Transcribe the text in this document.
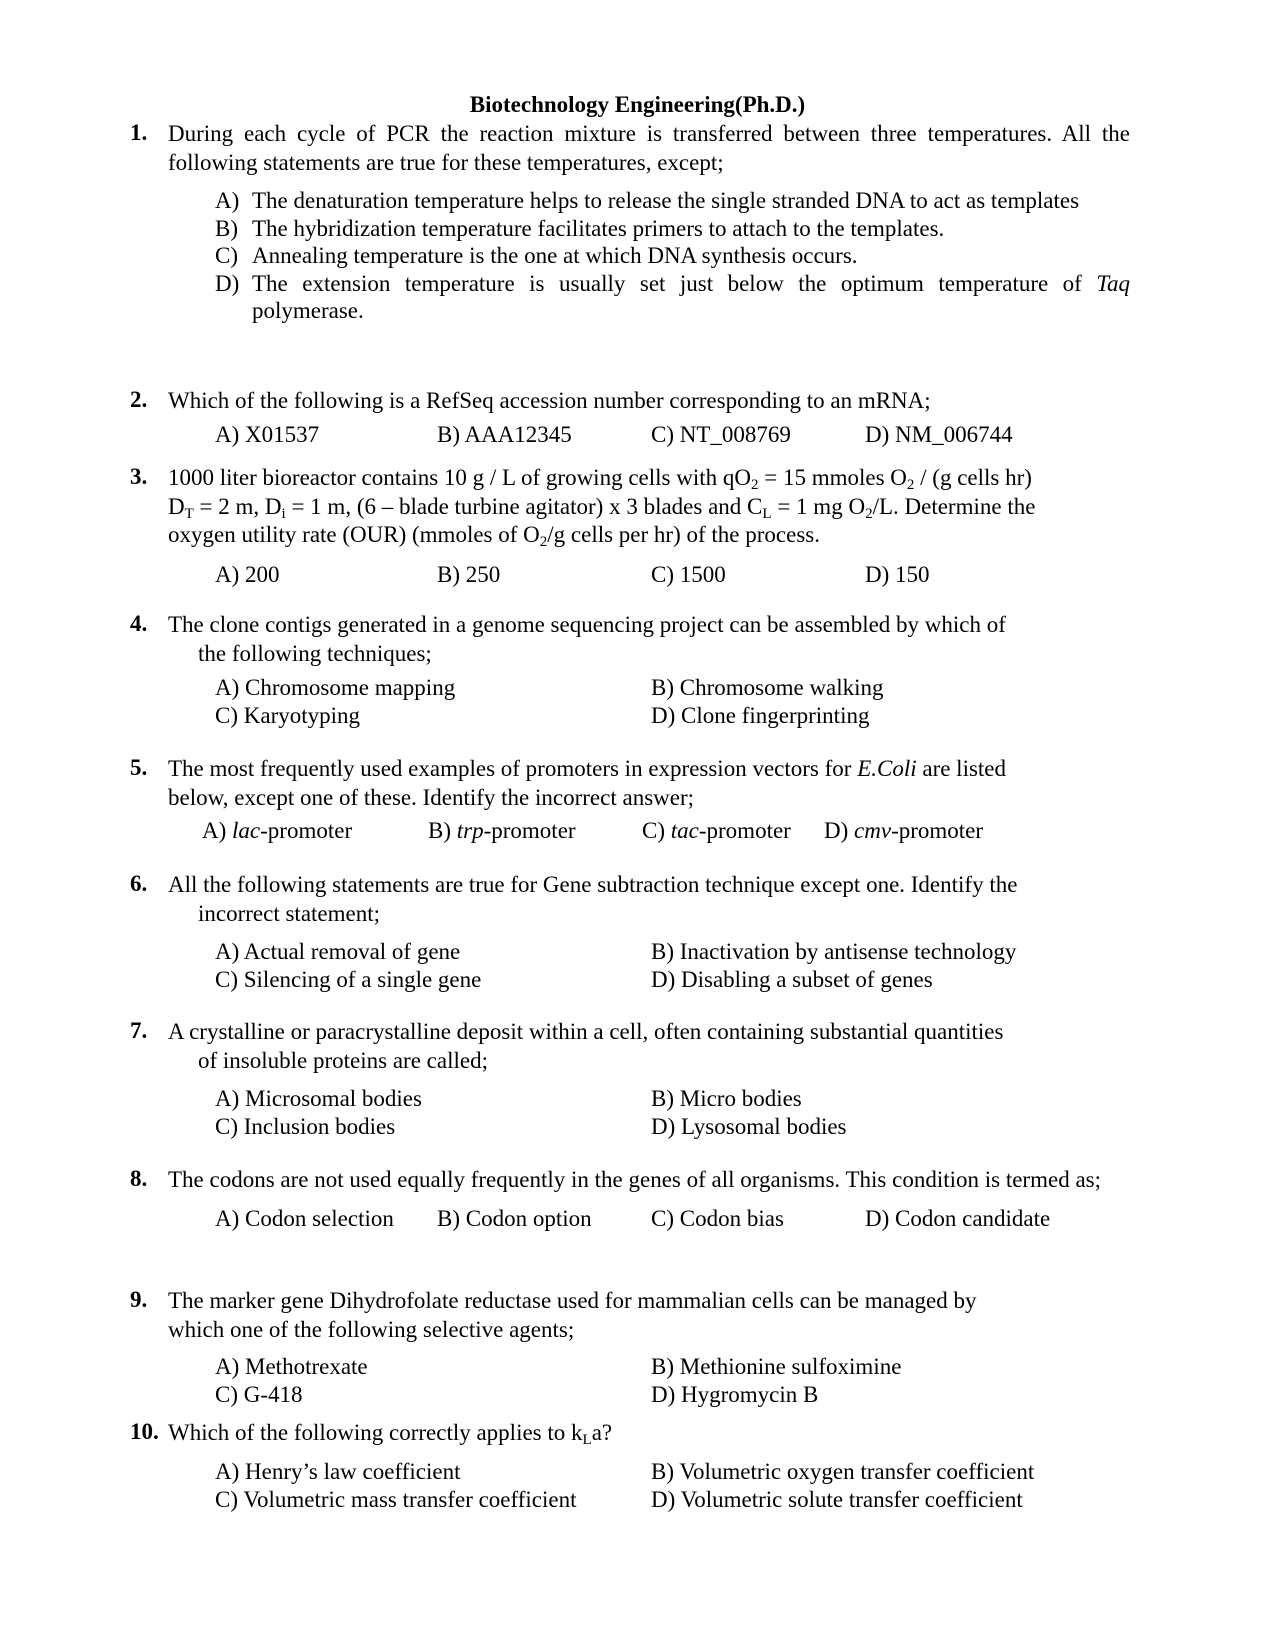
Biotechnology Engineering(Ph.D.)
1. During each cycle of PCR the reaction mixture is transferred between three temperatures. All the following statements are true for these temperatures, except;
A) The denaturation temperature helps to release the single stranded DNA to act as templates
B) The hybridization temperature facilitates primers to attach to the templates.
C) Annealing temperature is the one at which DNA synthesis occurs.
D) The extension temperature is usually set just below the optimum temperature of Taq polymerase.
2. Which of the following is a RefSeq accession number corresponding to an mRNA;
A) X01537	B) AAA12345	C) NT_008769	D) NM_006744
3. 1000 liter bioreactor contains 10 g / L of growing cells with $qO_2 = 15$ mmoles $O_2 / (g$ cells hr)
$D_T = 2$ m, $D_i = 1$ m, (6 – blade turbine agitator) x 3 blades and $C_L = 1$ mg $O_2/L$. Determine the
oxygen utility rate (OUR) (mmoles of $O_2/g$ cells per hr) of the process.
A) 200	B) 250	C) 1500	D) 150
4. The clone contigs generated in a genome sequencing project can be assembled by which of
the following techniques;
A) Chromosome mapping	B) Chromosome walking
C) Karyotyping	D) Clone fingerprinting
5. The most frequently used examples of promoters in expression vectors for E.Coli are listed
below, except one of these. Identify the incorrect answer;
A) lac-promoter	B) trp-promoter	C) tac-promoter D) cmv-promoter
6. All the following statements are true for Gene subtraction technique except one. Identify the
incorrect statement;
A) Actual removal of gene	B) Inactivation by antisense technology
C) Silencing of a single gene	D) Disabling a subset of genes
7. A crystalline or paracrystalline deposit within a cell, often containing substantial quantities
of insoluble proteins are called;
A) Microsomal bodies	B) Micro bodies
C) Inclusion bodies	D) Lysosomal bodies
8. The codons are not used equally frequently in the genes of all organisms. This condition is termed as;
A) Codon selection B) Codon option	C) Codon bias	D) Codon candidate
9. The marker gene Dihydrofolate reductase used for mammalian cells can be managed by
which one of the following selective agents;
A) Methotrexate	B) Methionine sulfoximine
C) G-418	D) Hygromycin B
10. Which of the following correctly applies to $k_La$?
A) Henry’s law coefficient	B) Volumetric oxygen transfer coefficient
C) Volumetric mass transfer coefficient	D) Volumetric solute transfer coefficient
